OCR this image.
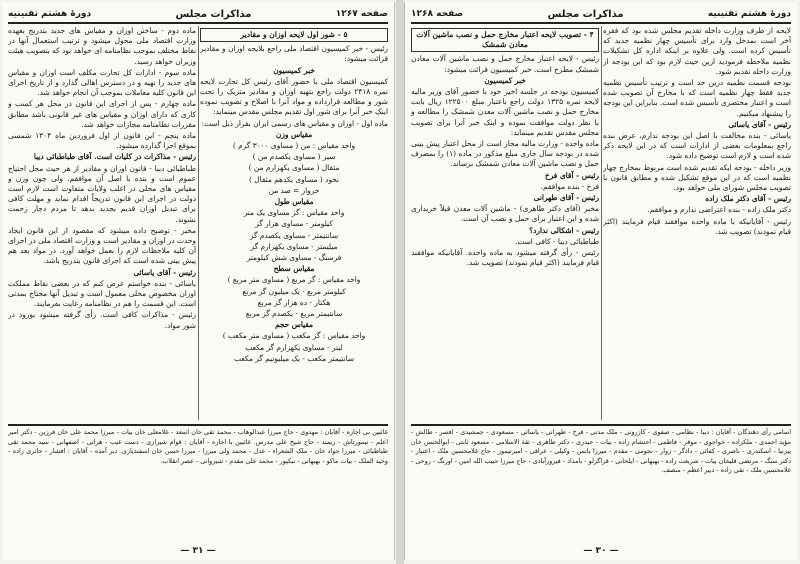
صفحه ۱۲۶۷
مذاکرات مجلس
دورهٔ هشتم تقنینیه
۵ - شور اول لایحه اوزان و مقادیر

رئیس - خبر کمیسیون اقتصاد ملی راجع بلایحه اوزان و مقادیر قرائت میشود:

خبر کمیسیون

کمیسیون اقتصاد ملی با حضور آقای رئیس کل تجارت لایحه نمره ۲۴۱۸ دولت راجع بتهیه اوزان و مقادیر متریک را تحت شور و مطالعه قرارداده و مواد آنرا با اصلاح و تصویب نموده اینک خبر آنرا برای شور اول تقدیم مجلس مقدس مینماید:

ماده اول - اوزان و مقیاس های رسمی ایران بقرار ذیل است:

مقیاس وزن

واحد مقیاس : من ( مساوی ۳۰۰۰ گرم )

سیر ( مساوی یکصدم من )

مثقال ( مساوی یکهزارم من )

نخود ( مساوی یکدهم مثقال )

خروار = صد من

مقیاس طول

واحد مقیاس : گز مساوی یک متر

کیلومتر - مساوی هزار گز

سانتیمتر - مساوی یکصدم گز

میلیمتر - مساوی یکهزارم گز

فرسنگ - مساوی شش کیلومتر

مقیاس سطح

واحد مقیاس : گز مربع ( مساوی متر مربع )

کیلومتر مربع - یک میلیون گز مربع

هکتار - ده هزار گز مربع

سانتیمتر مربع - یکصدم گز مربع

مقیاس حجم

واحد مقیاس : گز مکعب ( مساوی متر مکعب )

لیتر - مساوی یکهزارم گز مکعب

سانتیمتر مکعب - یک میلیونیم گز مکعب

ماده دوم - ساختن اوزان و مقیاس های جدید بتدریج بعهده وزارت اقتصاد ملی محول میشود و ترتیب استعمال آنها در نقاط مختلف بموجب نظامنامه ای خواهد بود که بتصویب هیئت وزیران خواهد رسید.

ماده سوم - ادارات کل تجارت مکلف است اوزان و مقیاس های جدید را تهیه و در دسترس اهالی گذارد و از تاریخ اجرای این قانون کلیه معاملات بموجب آن انجام خواهد شد.

ماده چهارم - پس از اجرای این قانون در محل هر کسب و کاری که دارای اوزان و مقیاس های غیر قانونی باشد مطابق مقررات نظامنامه مجازات خواهد شد.

ماده پنجم - این قانون از اول فروردین ماه ۱۳۰۴ شمسی بموقع اجرا گذارده میشود.

رئیس - مذاکرات در کلیات است. آقای طباطبائی دیبا

طباطبائی دیبا - قانون اوزان و مقادیر از هر حیث محل احتیاج عموم است و بنده با اصل آن موافقم. ولی چون وزن و مقیاس های محلی در اغلب ولایات متفاوت است لازم است دولت در اجرای این قانون تدریجاً اقدام نماید و مهلت کافی برای تبدیل اوزان قدیم بجدید بدهد تا مردم دچار زحمت نشوند.

مخبر - توضیح داده میشود که مقصود از این قانون ایجاد وحدت در اوزان و مقادیر است و وزارت اقتصاد ملی در اجرای آن کلیه ملاحظات لازم را بعمل خواهد آورد. در مواد بعد هم پیش بینی شده است که اجرای قانون بتدریج باشد.

رئیس - آقای یاسائی

یاسائی - بنده خواستم عرض کنم که در بعضی نقاط مملکت اوزان مخصوص محلی معمول است و تبدیل آنها محتاج بمدتی است. این قسمت را هم در نظامنامه رعایت بفرمایند.

رئیس - مذاکرات کافی است. رأی گرفته میشود بورود در شور مواد.

غائبین بی اجازه - آقایان : مهدوی - حاج میرزا عبدالوهاب - محمد تقی خان اسعد - غلامعلی خان بیات - میرزا محمد علی خان فرزین - دکتر امیر اعلم - تیمورتاش - ریمند - حاج شیخ علی مدرس. غائبین با اجازه - آقایان : قوام شیرازی - دست غیب - هراتی - اصفهانی - سید محمد تقی طباطبائی - میرزا جواد خان - ملک الشعراء - عدل - محمد ولی میرزا - میرزا حسن خان اسفندیاری. دیر آمده - آقایان : افشار - حائری زاده - وحید الملک - بیات ماکو - بهبهانی - نیکپور - محمد علی مقدم - شیروانی - عصر انقلاب.
— ۳۱ —
دورهٔ هشتم تقنینیه
مذاکرات مجلس
صفحه ۱۲۶۸

لایحه از طرف وزارت داخله تقدیم مجلس شده بود که فقره آخر است بمدخل وارد برای تأسیس چهار نظمیه جدید که تأسیس کرده است. ولی علاوه بر اینکه اداره کل تشکیلات نظمیه ملاحظه فرمودید ازین حیث لازم بود که این بودجه از وزارت داخله تقدیم شود.

بودجه قسمت نظمیه درین حد است و ترتیب تأسیس نظمیه جدید فقط چهار نظمیه است که با مخارج آن تصویب شده است و اعتبار مختصری تأسیس شده است. بنابراین این بودجه را پیشنهاد میکنیم.

رئیس - آقای یاسائی

یاسائی - بنده مخالفت با اصل این بودجه ندارم، عرض بنده راجع بمعلومات بعضی از ادارات است که در این لایحه ذکر شده است و لازم است توضیح داده شود.

وزیر داخله - بودجه ایکه تقدیم شده است مربوط بمخارج چهار نظمیه است که در این موقع تشکیل شده و مطابق قانون با تصویب مجلس شورای ملی خواهد بود.

رئیس - آقای دکتر ملک زاده

دکتر ملک زاده - بنده اعتراضی ندارم و موافقم.

رئیس - آقایانیکه با ماده واحده موافقند قیام فرمایند (اکثر قیام نمودند) تصویب شد.

۴ - تصویب لایحه اعتبار مخارج حمل و نصب ماشین آلات معادن شمشک

رئیس - لایحه اعتبار مخارج حمل و نصب ماشین آلات معادن شمشک مطرح است. خبر کمیسیون قرائت میشود:

خبر کمیسیون

کمیسیون بودجه در جلسه اخیر خود با حضور آقای وزیر مالیه لایحه نمره ۱۳۲۵ دولت راجع باعتبار مبلغ ۱۲۲۵۰۰ ریال بابت مخارج حمل و نصب ماشین آلات معدن شمشک را مطالعه و با نظر دولت موافقت نموده و اینک خبر آنرا برای تصویب مجلس مقدس تقدیم مینماید:

ماده واحده - وزارت مالیه مجاز است از محل اعتبار پیش بینی شده در بودجه سال جاری مبلغ مذکور در ماده (۱) را بمصرف حمل و نصب ماشین آلات معادن شمشک برساند.

رئیس - آقای فرخ

فرخ - بنده موافقم.

رئیس - آقای طهرانی

مخبر (آقای دکتر طاهری) - ماشین آلات معدن قبلاً خریداری شده و این اعتبار برای حمل و نصب آن است.

رئیس - اشکالی ندارد؟

طباطبائی دیبا - کافی است.

رئیس - رأی گرفته میشود به ماده واحده. آقایانیکه موافقند قیام فرمایند (اکثر قیام نمودند) تصویب شد.

اسامی رأی دهندگان - آقایان : دیبا - نظامی - صفوی - کازرونی - ملک مدنی - فرخ - طهرانی - یاسائی - مسعودی - جمشیدی - افسر - طالش - مؤید احمدی - ملکزاده - خواجوی - موقر - فاطمی - احتشام زاده - بیات - حیدری - دکتر طاهری - ثقة الاسلامی - مسعود ثابتی - ابوالحسن خان پیرنیا - اسکندری - ناصری - کفائی - دادگر - زوار - نجومی - مقدم - میرزا یانس - وکیلی - عراقی - امیرتیمور - حاج غلامحسین ملک - اعتبار - دکتر سنگ - مرتضی قلیخان بیات - شریعت زاده - بهبهانی - ایلخانی - قراگزلو - بامداد - فیروزآبادی - حاج میرزا حبیب الله امین - اورنگ - روحی - غلامحسین ملک - تقی زاده - دبیر اعظم - منصف.
— ۳۰ —
